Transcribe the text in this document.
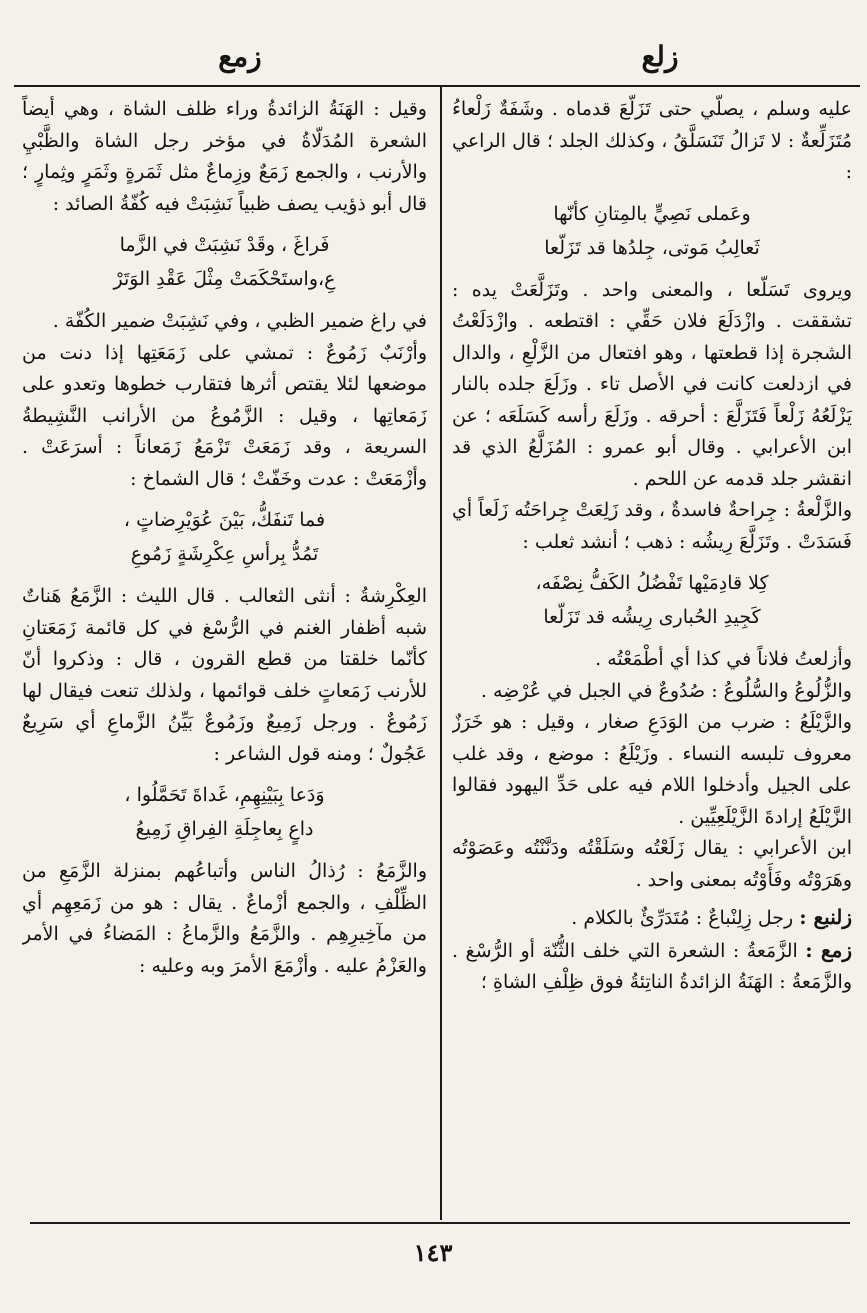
زلع
زمع

عليه وسلم ، يصلّي حتى تَزَلّعَ قدماه . وشَفَةٌ زَلْعاءُ مُتَزَلِّعةٌ : لا تَزالُ تَنَسَلَّقُ ، وكذلك الجلد ؛ قال الراعي :

وعَملى نَصِيٍّ بالمِتانِ كأنّها
ثَعالِبُ مَوتى، جِلدُها قد تَزَلّعا

ويروى تَسَلّعا ، والمعنى واحد . وتَزَلَّعَتْ يده : تشققت . وازْدَلَعَ فلان حَقِّي : اقتطعه . وازْدَلَعْتُ الشجرة إذا قطعتها ، وهو افتعال من الزَّلْعِ ، والدال في ازدلعت كانت في الأصل تاء . وزَلَعَ جلده بالنار يَزْلَعُهُ زَلْعاً فَتَزَلَّعَ : أحرقه . وزَلَعَ رأسه كَسَلَعَه ؛ عن ابن الأعرابي . وقال أبو عمرو : المُزَلَّعُ الذي قد انقشر جلد قدمه عن اللحم .

والزَّلْعةُ : جِراحةٌ فاسدةٌ ، وقد زَلِعَتْ جِراحَتُه زَلَعاً أي فَسَدَتْ . وتَزَلَّعَ رِيشُه : ذهب ؛ أنشد ثعلب :

كِلا قادِمَيْها تَفْضُلُ الكَفُّ نِصْفَه،
كَجِيدِ الحُبارى رِيشُه قد تَزَلّعا

وأزلعتُ فلاناً في كذا أي أطْمَعْتُه .

والزُّلُوعُ والسُّلُوعُ : صُدُوعٌ في الجبل في عُرْضِه .

والزَّيْلَعُ : ضرب من الوَدَعِ صغار ، وقيل : هو خَرَزٌ معروف تلبسه النساء . وزَيْلَعُ : موضع ، وقد غلب على الجيل وأدخلوا اللام فيه على حَدِّ اليهود فقالوا الزَّيْلَعُ إرادةَ الزَّيْلَعِيِّين .

ابن الأعرابي : يقال زَلَعْتُه وسَلَقْتُه ودَنَّنْتُه وعَصَوْتُه وهَرَوْتُه وفَأَوْتُه بمعنى واحد .

زلنبع : رجل زِلِنْباعٌ : مُتَدَرِّئٌ بالكلام .

زمع : الزَّمَعةُ : الشعرة التي خلف الثُّنّة أو الرُّسْغ . والزَّمَعةُ : الهَنَةُ الزائدةُ الناتِئةُ فوق ظِلْفِ الشاةِ ؛

وقيل : الهَنَةُ الزائدةُ وراء ظلف الشاة ، وهي أيضاً الشعرة المُدَلّاةُ في مؤخر رجل الشاة والظَّبْيِ والأرنب ، والجمع زَمَعٌ وزِماعٌ مثل ثَمَرةٍ وثَمَرٍ وثِمارٍ ؛ قال أبو ذؤيب يصف ظبياً نَشِبَتْ فيه كُفّةُ الصائد :

فَراغَ ، وقَدْ نَشِبَتْ في الزَّما
عِ،واستَحْكَمَتْ مِثْلَ عَقْدِ الوَتَرْ

في راغ ضمير الظبي ، وفي نَشِبَتْ ضمير الكُفّة .

وأرْنَبٌ زَمُوعٌ : تمشي على زَمَعَتِها إذا دنت من موضعها لئلا يقتص أثرها فتقارب خطوها وتعدو على زَمَعاتِها ، وقيل : الزَّمُوعُ من الأرانب النَّشِيطةُ السريعة ، وقد زَمَعَتْ تَزْمَعُ زَمَعاناً : أسرَعَتْ . وأزْمَعَتْ : عدت وخَفّتْ ؛ قال الشماخ :

فما تَنفَكُّ، بَيْنَ عُوَيْرِضاتٍ ،
تَمُدُّ بِرأسِ عِكْرِشَةٍ زَمُوعِ

العِكْرِشةُ : أنثى الثعالب . قال الليث : الزَّمَعُ هَناتٌ شبه أظفار الغنم في الرُّسْغ في كل قائمة زَمَعَتانِ كأنّما خلقتا من قطع القرون ، قال : وذكروا أنّ للأرنب زَمَعاتٍ خلف قوائمها ، ولذلك تنعت فيقال لها زَمُوعٌ . ورجل زَمِيعٌ وزَمُوعٌ بَيِّنُ الزَّماعِ أي سَرِيعٌ عَجُولٌ ؛ ومنه قول الشاعر :

وَدَعا بِبَيْنِهِمِ، غَداةَ تَحَمَّلُوا ،
داعٍ بِعاجِلَةِ الفِراقِ زَمِيعُ

والزَّمَعُ : رُذالُ الناس وأتباعُهم بمنزلة الزَّمَعِ من الظِّلْفِ ، والجمع أزْماعٌ . يقال : هو من زَمَعِهِم أي من مآخِيرِهِم . والزَّمَعُ والزَّماعُ : المَضاءُ في الأمر والعَزْمُ عليه . وأزْمَعَ الأمرَ وبه وعليه :

١٤٣
